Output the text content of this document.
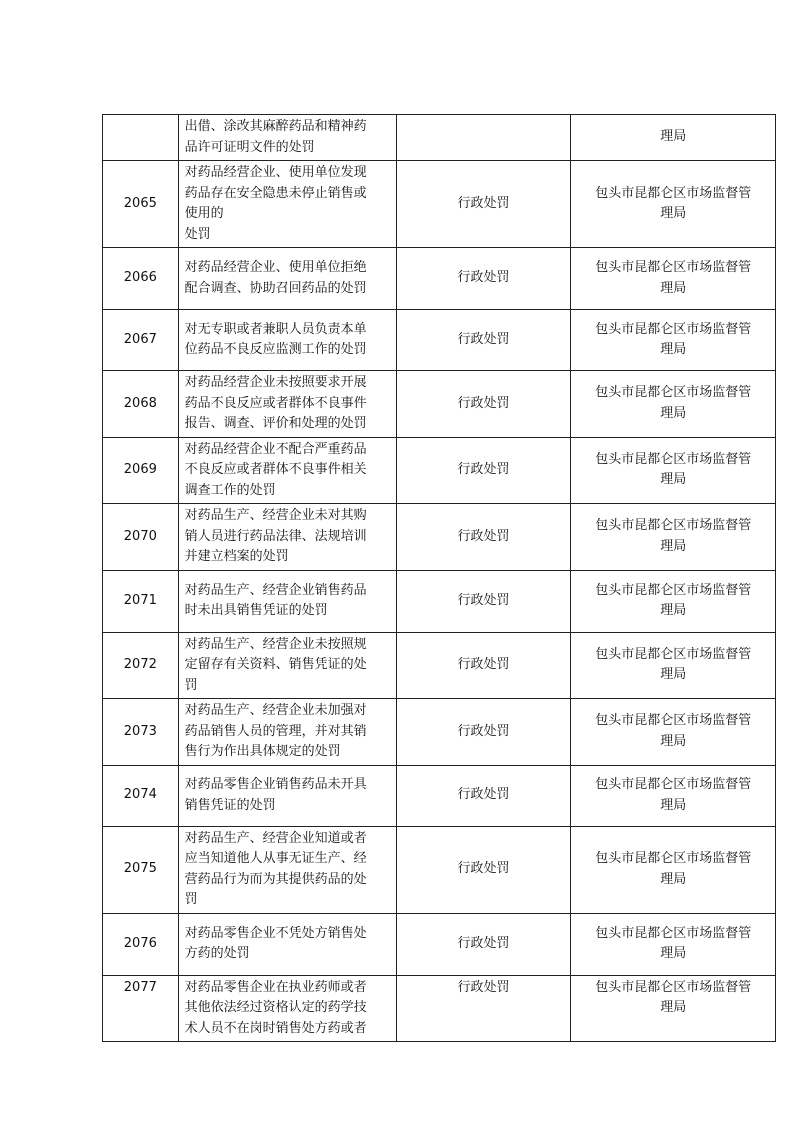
	出借、涂改其麻醉药品和精神药
品许可证明文件的处罚		理局

2065	对药品经营企业、使用单位发现
药品存在安全隐患未停止销售或
使用的
处罚	行政处罚	包头市昆都仑区市场监督管
理局

2066	对药品经营企业、使用单位拒绝
配合调查、协助召回药品的处罚	行政处罚	包头市昆都仑区市场监督管
理局

2067	对无专职或者兼职人员负责本单
位药品不良反应监测工作的处罚	行政处罚	包头市昆都仑区市场监督管
理局

2068	对药品经营企业未按照要求开展
药品不良反应或者群体不良事件
报告、调查、评价和处理的处罚	行政处罚	包头市昆都仑区市场监督管
理局

2069	对药品经营企业不配合严重药品
不良反应或者群体不良事件相关
调查工作的处罚	行政处罚	包头市昆都仑区市场监督管
理局

2070	对药品生产、经营企业未对其购
销人员进行药品法律、法规培训
并建立档案的处罚	行政处罚	包头市昆都仑区市场监督管
理局

2071	对药品生产、经营企业销售药品
时未出具销售凭证的处罚	行政处罚	包头市昆都仑区市场监督管
理局

2072	对药品生产、经营企业未按照规
定留存有关资料、销售凭证的处
罚	行政处罚	包头市昆都仑区市场监督管
理局

2073	对药品生产、经营企业未加强对
药品销售人员的管理，并对其销
售行为作出具体规定的处罚	行政处罚	包头市昆都仑区市场监督管
理局

2074	对药品零售企业销售药品未开具
销售凭证的处罚	行政处罚	包头市昆都仑区市场监督管
理局

2075	对药品生产、经营企业知道或者
应当知道他人从事无证生产、经
营药品行为而为其提供药品的处
罚	行政处罚	包头市昆都仑区市场监督管
理局

2076	对药品零售企业不凭处方销售处
方药的处罚	行政处罚	包头市昆都仑区市场监督管
理局

2077	对药品零售企业在执业药师或者
其他依法经过资格认定的药学技
术人员不在岗时销售处方药或者	行政处罚	包头市昆都仑区市场监督管
理局
